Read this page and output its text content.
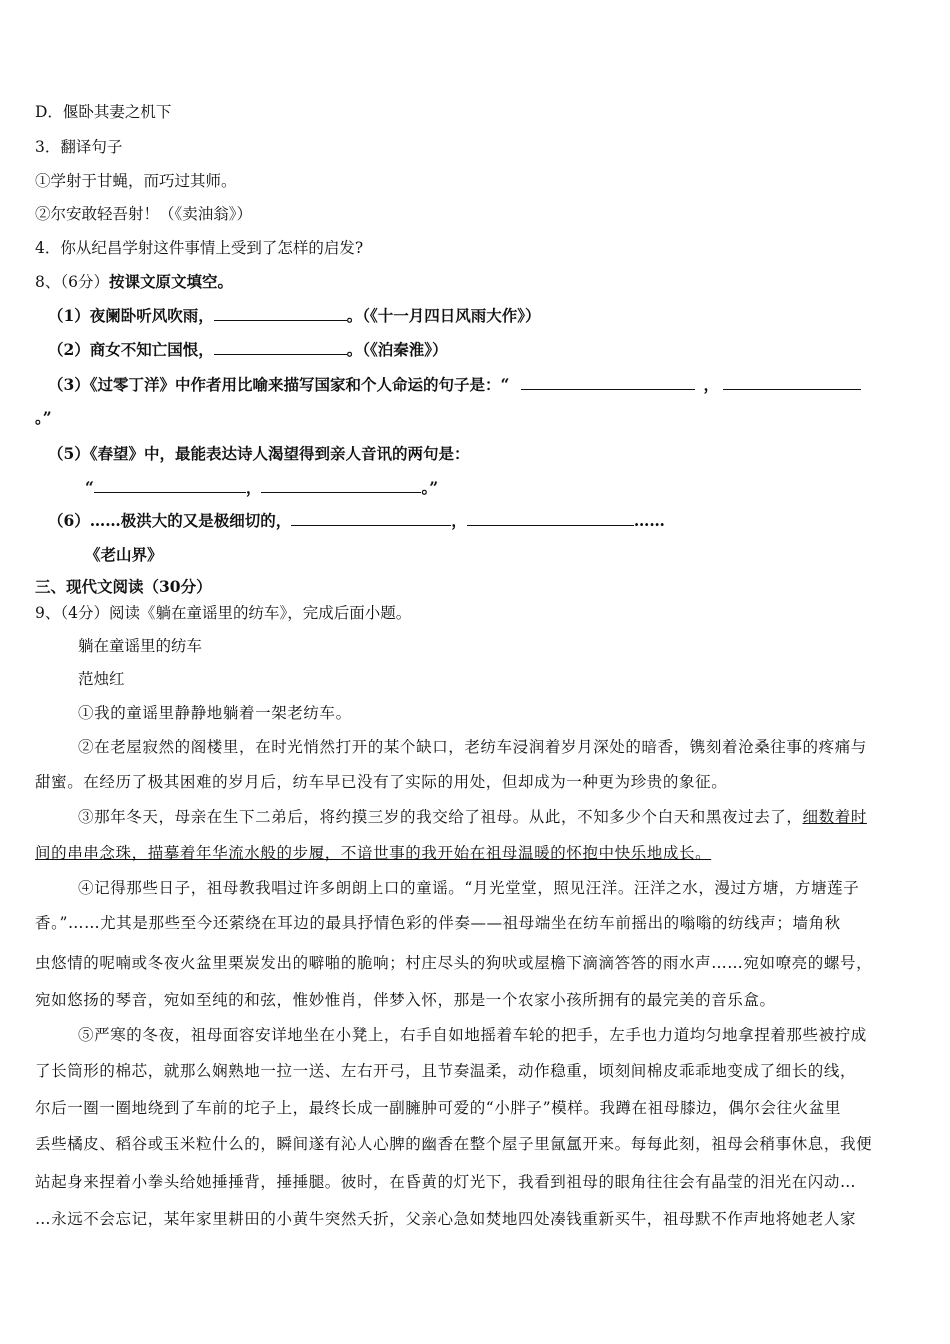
D．偃卧其妻之机下
3．翻译句子
①学射于甘蝇，而巧过其师。
②尔安敢轻吾射！（《卖油翁》）
4．你从纪昌学射这件事情上受到了怎样的启发?
8、（6分）按课文原文填空。
（1）夜阑卧听风吹雨，	。（《十一月四日风雨大作》）
（2）商女不知亡国恨，	。（《泊秦淮》）
（3）《过零丁洋》中作者用比喻来描写国家和个人命运的句子是：“	，
。”
（5）《春望》中，最能表达诗人渴望得到亲人音讯的两句是：
“	，	。”
（6）……极洪大的又是极细切的，	，	……
《老山界》
三、现代文阅读（30分）
9、（4分）阅读《躺在童谣里的纺车》，完成后面小题。
躺在童谣里的纺车
范烛红
①我的童谣里静静地躺着一架老纺车。
②在老屋寂然的阁楼里，在时光悄然打开的某个缺口，老纺车浸润着岁月深处的暗香，镌刻着沧桑往事的疼痛与
甜蜜。在经历了极其困难的岁月后，纺车早已没有了实际的用处，但却成为一种更为珍贵的象征。
③那年冬天，母亲在生下二弟后，将约摸三岁的我交给了祖母。从此，不知多少个白天和黑夜过去了，细数着时
间的串串念珠，描摹着年华流水般的步履，不谙世事的我开始在祖母温暖的怀抱中快乐地成长。
④记得那些日子，祖母教我唱过许多朗朗上口的童谣。“月光堂堂，照见汪洋。汪洋之水，漫过方塘，方塘莲子
香。”……尤其是那些至今还萦绕在耳边的最具抒情色彩的伴奏——祖母端坐在纺车前摇出的嗡嗡的纺线声；墙角秋
虫悠情的呢喃或冬夜火盆里栗炭发出的噼啪的脆响；村庄尽头的狗吠或屋檐下滴滴答答的雨水声……宛如嘹亮的螺号，
宛如悠扬的琴音，宛如至纯的和弦，惟妙惟肖，伴梦入怀，那是一个农家小孩所拥有的最完美的音乐盒。
⑤严寒的冬夜，祖母面容安详地坐在小凳上，右手自如地摇着车轮的把手，左手也力道均匀地拿捏着那些被拧成
了长筒形的棉芯，就那么娴熟地一拉一送、左右开弓，且节奏温柔，动作稳重，顷刻间棉皮乖乖地变成了细长的线，
尔后一圈一圈地绕到了车前的坨子上，最终长成一副臃肿可爱的“小胖子”模样。我蹲在祖母膝边，偶尔会往火盆里
丢些橘皮、稻谷或玉米粒什么的，瞬间遂有沁人心脾的幽香在整个屋子里氤氲开来。每每此刻，祖母会稍事休息，我便
站起身来捏着小拳头给她捶捶背，捶捶腿。彼时，在昏黄的灯光下，我看到祖母的眼角往往会有晶莹的泪光在闪动…
…永远不会忘记，某年家里耕田的小黄牛突然夭折，父亲心急如焚地四处凑钱重新买牛，祖母默不作声地将她老人家
